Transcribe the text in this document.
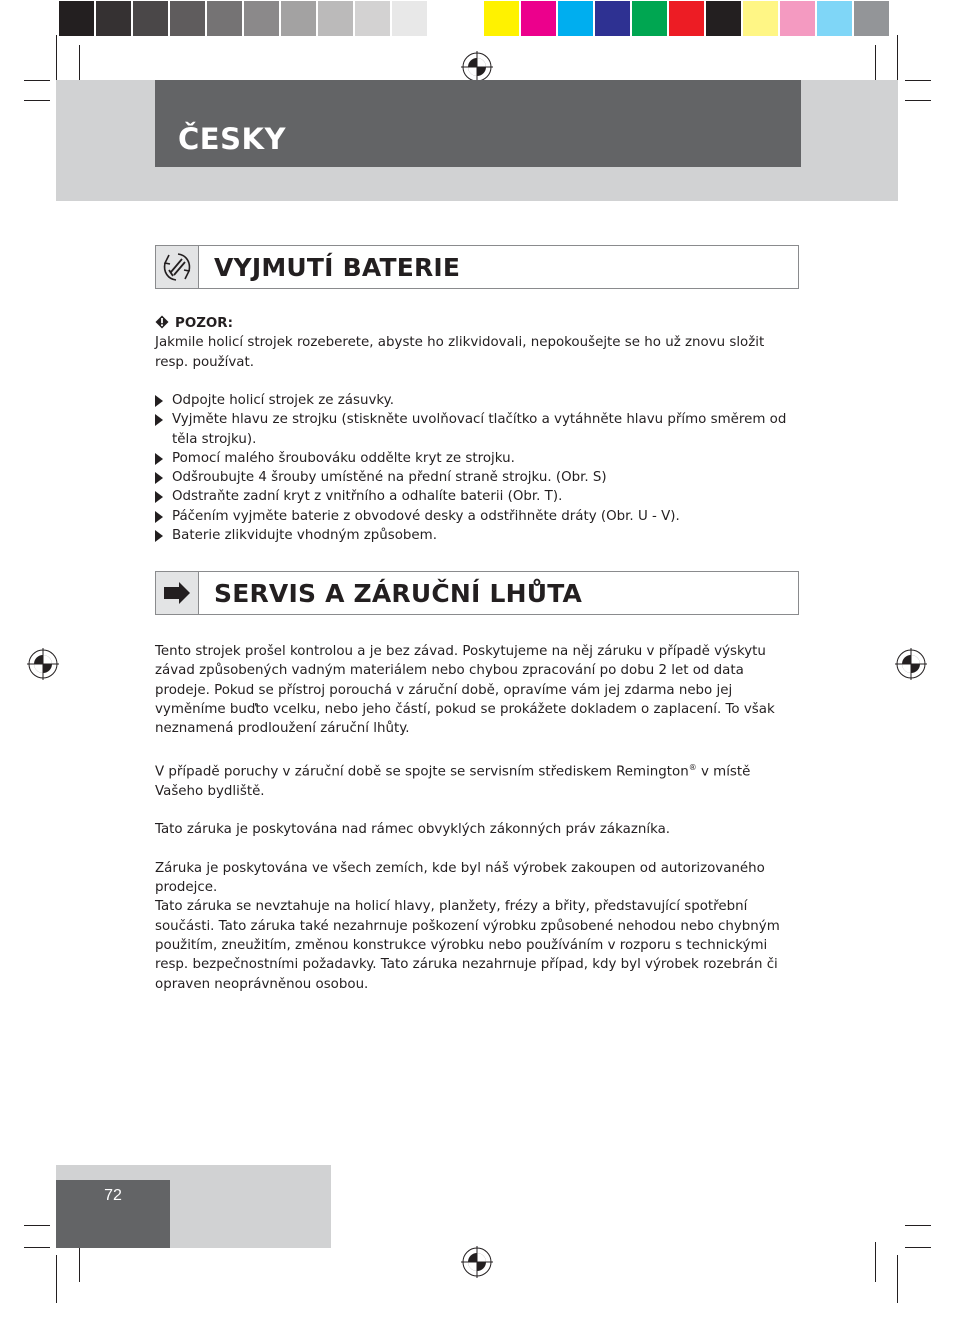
ČESKY
VYJMUTÍ BATERIE
POZOR:

Jakmile holicí strojek rozeberete, abyste ho zlikvidovali, nepokoušejte se ho už znovu složit resp. používat.

Odpojte holicí strojek ze zásuvky.
Vyjměte hlavu ze strojku (stiskněte uvolňovací tlačítko a vytáhněte hlavu přímo směrem od těla strojku).
Pomocí malého šroubováku oddělte kryt ze strojku.
Odšroubujte 4 šrouby umístěné na přední straně strojku. (Obr. S)
Odstraňte zadní kryt z vnitřního a odhalíte baterii (Obr. T).
Páčením vyjměte baterie z obvodové desky a odstřihněte dráty (Obr. U - V).
Baterie zlikvidujte vhodným způsobem.
SERVIS A ZÁRUČNÍ LHŮTA

Tento strojek prošel kontrolou a je bez závad. Poskytujeme na něj záruku v případě výskytu závad způsobených vadným materiálem nebo chybou zpracování po dobu 2 let od data prodeje. Pokud se přístroj porouchá v záruční době, opravíme vám jej zdarma nebo jej vyměníme buďto vcelku, nebo jeho částí, pokud se prokážete dokladem o zaplacení. To však neznamená prodloužení záruční lhůty.

V případě poruchy v záruční době se spojte se servisním střediskem Remington® v místě Vašeho bydliště.

Tato záruka je poskytována nad rámec obvyklých zákonných práv zákazníka.

Záruka je poskytována ve všech zemích, kde byl náš výrobek zakoupen od autorizovaného prodejce.

Tato záruka se nevztahuje na holicí hlavy, planžety, frézy a břity, představující spotřební součásti. Tato záruka také nezahrnuje poškození výrobku způsobené nehodou nebo chybným použitím, zneužitím, změnou konstrukce výrobku nebo používáním v rozporu s technickými resp. bezpečnostními požadavky. Tato záruka nezahrnuje případ, kdy byl výrobek rozebrán či opraven neoprávněnou osobou.

72
